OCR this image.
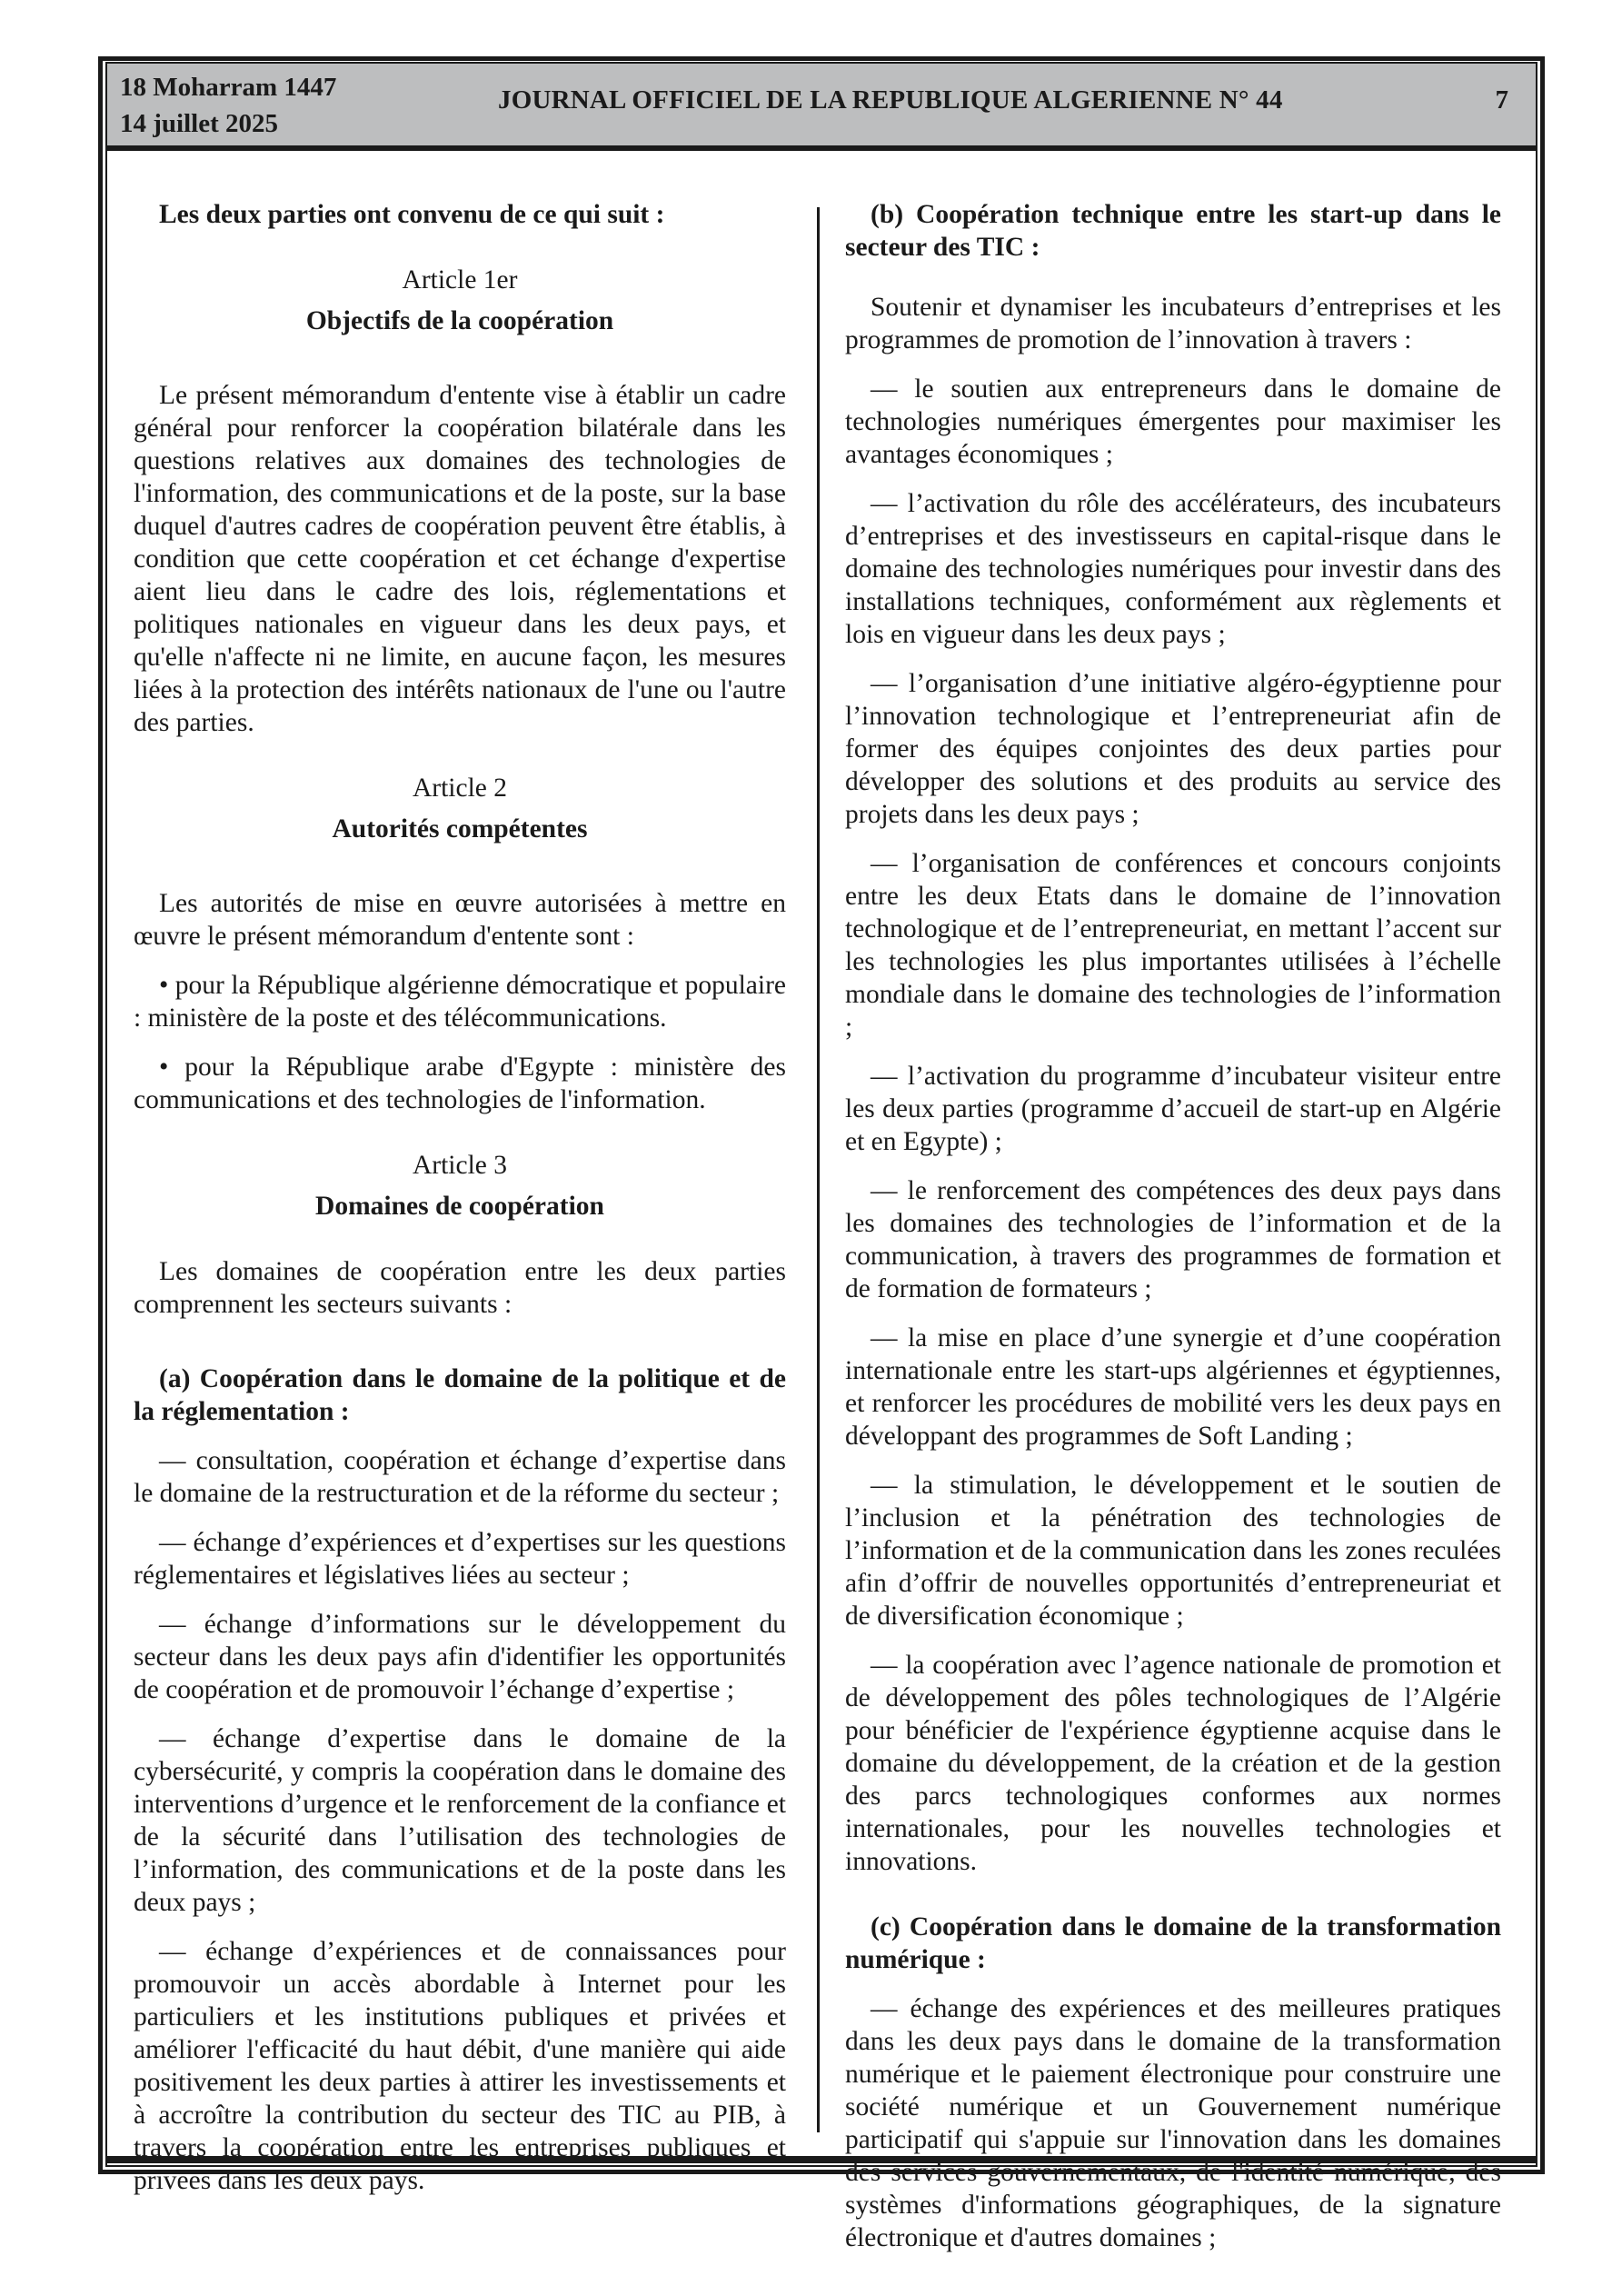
18 Moharram 1447
14 juillet 2025
JOURNAL OFFICIEL DE LA REPUBLIQUE ALGERIENNE N° 44	7

Les deux parties ont convenu de ce qui suit :

Article 1er

Objectifs de la coopération

Le présent mémorandum d'entente vise à établir un cadre général pour renforcer la coopération bilatérale dans les questions relatives aux domaines des technologies de l'information, des communications et de la poste, sur la base duquel d'autres cadres de coopération peuvent être établis, à condition que cette coopération et cet échange d'expertise aient lieu dans le cadre des lois, réglementations et politiques nationales en vigueur dans les deux pays, et qu'elle n'affecte ni ne limite, en aucune façon, les mesures liées à la protection des intérêts nationaux de l'une ou l'autre des parties.

Article 2

Autorités compétentes

Les autorités de mise en œuvre autorisées à mettre en œuvre le présent mémorandum d'entente sont :

• pour la République algérienne démocratique et populaire : ministère de la poste et des télécommunications.

• pour la République arabe d'Egypte : ministère des communications et des technologies de l'information.

Article 3

Domaines de coopération

Les domaines de coopération entre les deux parties comprennent les secteurs suivants :

(a) Coopération dans le domaine de la politique et de la réglementation :

— consultation, coopération et échange d’expertise dans le domaine de la restructuration et de la réforme du secteur ;

— échange d’expériences et d’expertises sur les questions réglementaires et législatives liées au secteur ;

— échange d’informations sur le développement du secteur dans les deux pays afin d'identifier les opportunités de coopération et de promouvoir l’échange d’expertise ;

— échange d’expertise dans le domaine de la cybersécurité, y compris la coopération dans le domaine des interventions d’urgence et le renforcement de la confiance et de la sécurité dans l’utilisation des technologies de l’information, des communications et de la poste dans les deux pays ;

— échange d’expériences et de connaissances pour promouvoir un accès abordable à Internet pour les particuliers et les institutions publiques et privées et améliorer l'efficacité du haut débit, d'une manière qui aide positivement les deux parties à attirer les investissements et à accroître la contribution du secteur des TIC au PIB, à travers la coopération entre les entreprises publiques et privées dans les deux pays.

(b) Coopération technique entre les start-up dans le secteur des TIC :

Soutenir et dynamiser les incubateurs d’entreprises et les programmes de promotion de l’innovation à travers :

— le soutien aux entrepreneurs dans le domaine de technologies numériques émergentes pour maximiser les avantages économiques ;

— l’activation du rôle des accélérateurs, des incubateurs d’entreprises et des investisseurs en capital-risque dans le domaine des technologies numériques pour investir dans des installations techniques, conformément aux règlements et lois en vigueur dans les deux pays ;

— l’organisation d’une initiative algéro-égyptienne pour l’innovation technologique et l’entrepreneuriat afin de former des équipes conjointes des deux parties pour développer des solutions et des produits au service des projets dans les deux pays ;

— l’organisation de conférences et concours conjoints entre les deux Etats dans le domaine de l’innovation technologique et de l’entrepreneuriat, en mettant l’accent sur les technologies les plus importantes utilisées à l’échelle mondiale dans le domaine des technologies de l’information ;

— l’activation du programme d’incubateur visiteur entre les deux parties (programme d’accueil de start-up en Algérie et en Egypte) ;

— le renforcement des compétences des deux pays dans les domaines des technologies de l’information et de la communication, à travers des programmes de formation et de formation de formateurs ;

— la mise en place d’une synergie et d’une coopération internationale entre les start-ups algériennes et égyptiennes, et renforcer les procédures de mobilité vers les deux pays en développant des programmes de Soft Landing ;

— la stimulation, le développement et le soutien de l’inclusion et la pénétration des technologies de l’information et de la communication dans les zones reculées afin d’offrir de nouvelles opportunités d’entrepreneuriat et de diversification économique ;

— la coopération avec l’agence nationale de promotion et de développement des pôles technologiques de l’Algérie pour bénéficier de l'expérience égyptienne acquise dans le domaine du développement, de la création et de la gestion des parcs technologiques conformes aux normes internationales, pour les nouvelles technologies et innovations.

(c) Coopération dans le domaine de la transformation numérique :

— échange des expériences et des meilleures pratiques dans les deux pays dans le domaine de la transformation numérique et le paiement électronique pour construire une société numérique et un Gouvernement numérique participatif qui s'appuie sur l'innovation dans les domaines des services gouvernementaux, de l'identité numérique, des systèmes d'informations géographiques, de la signature électronique et d'autres domaines ;
